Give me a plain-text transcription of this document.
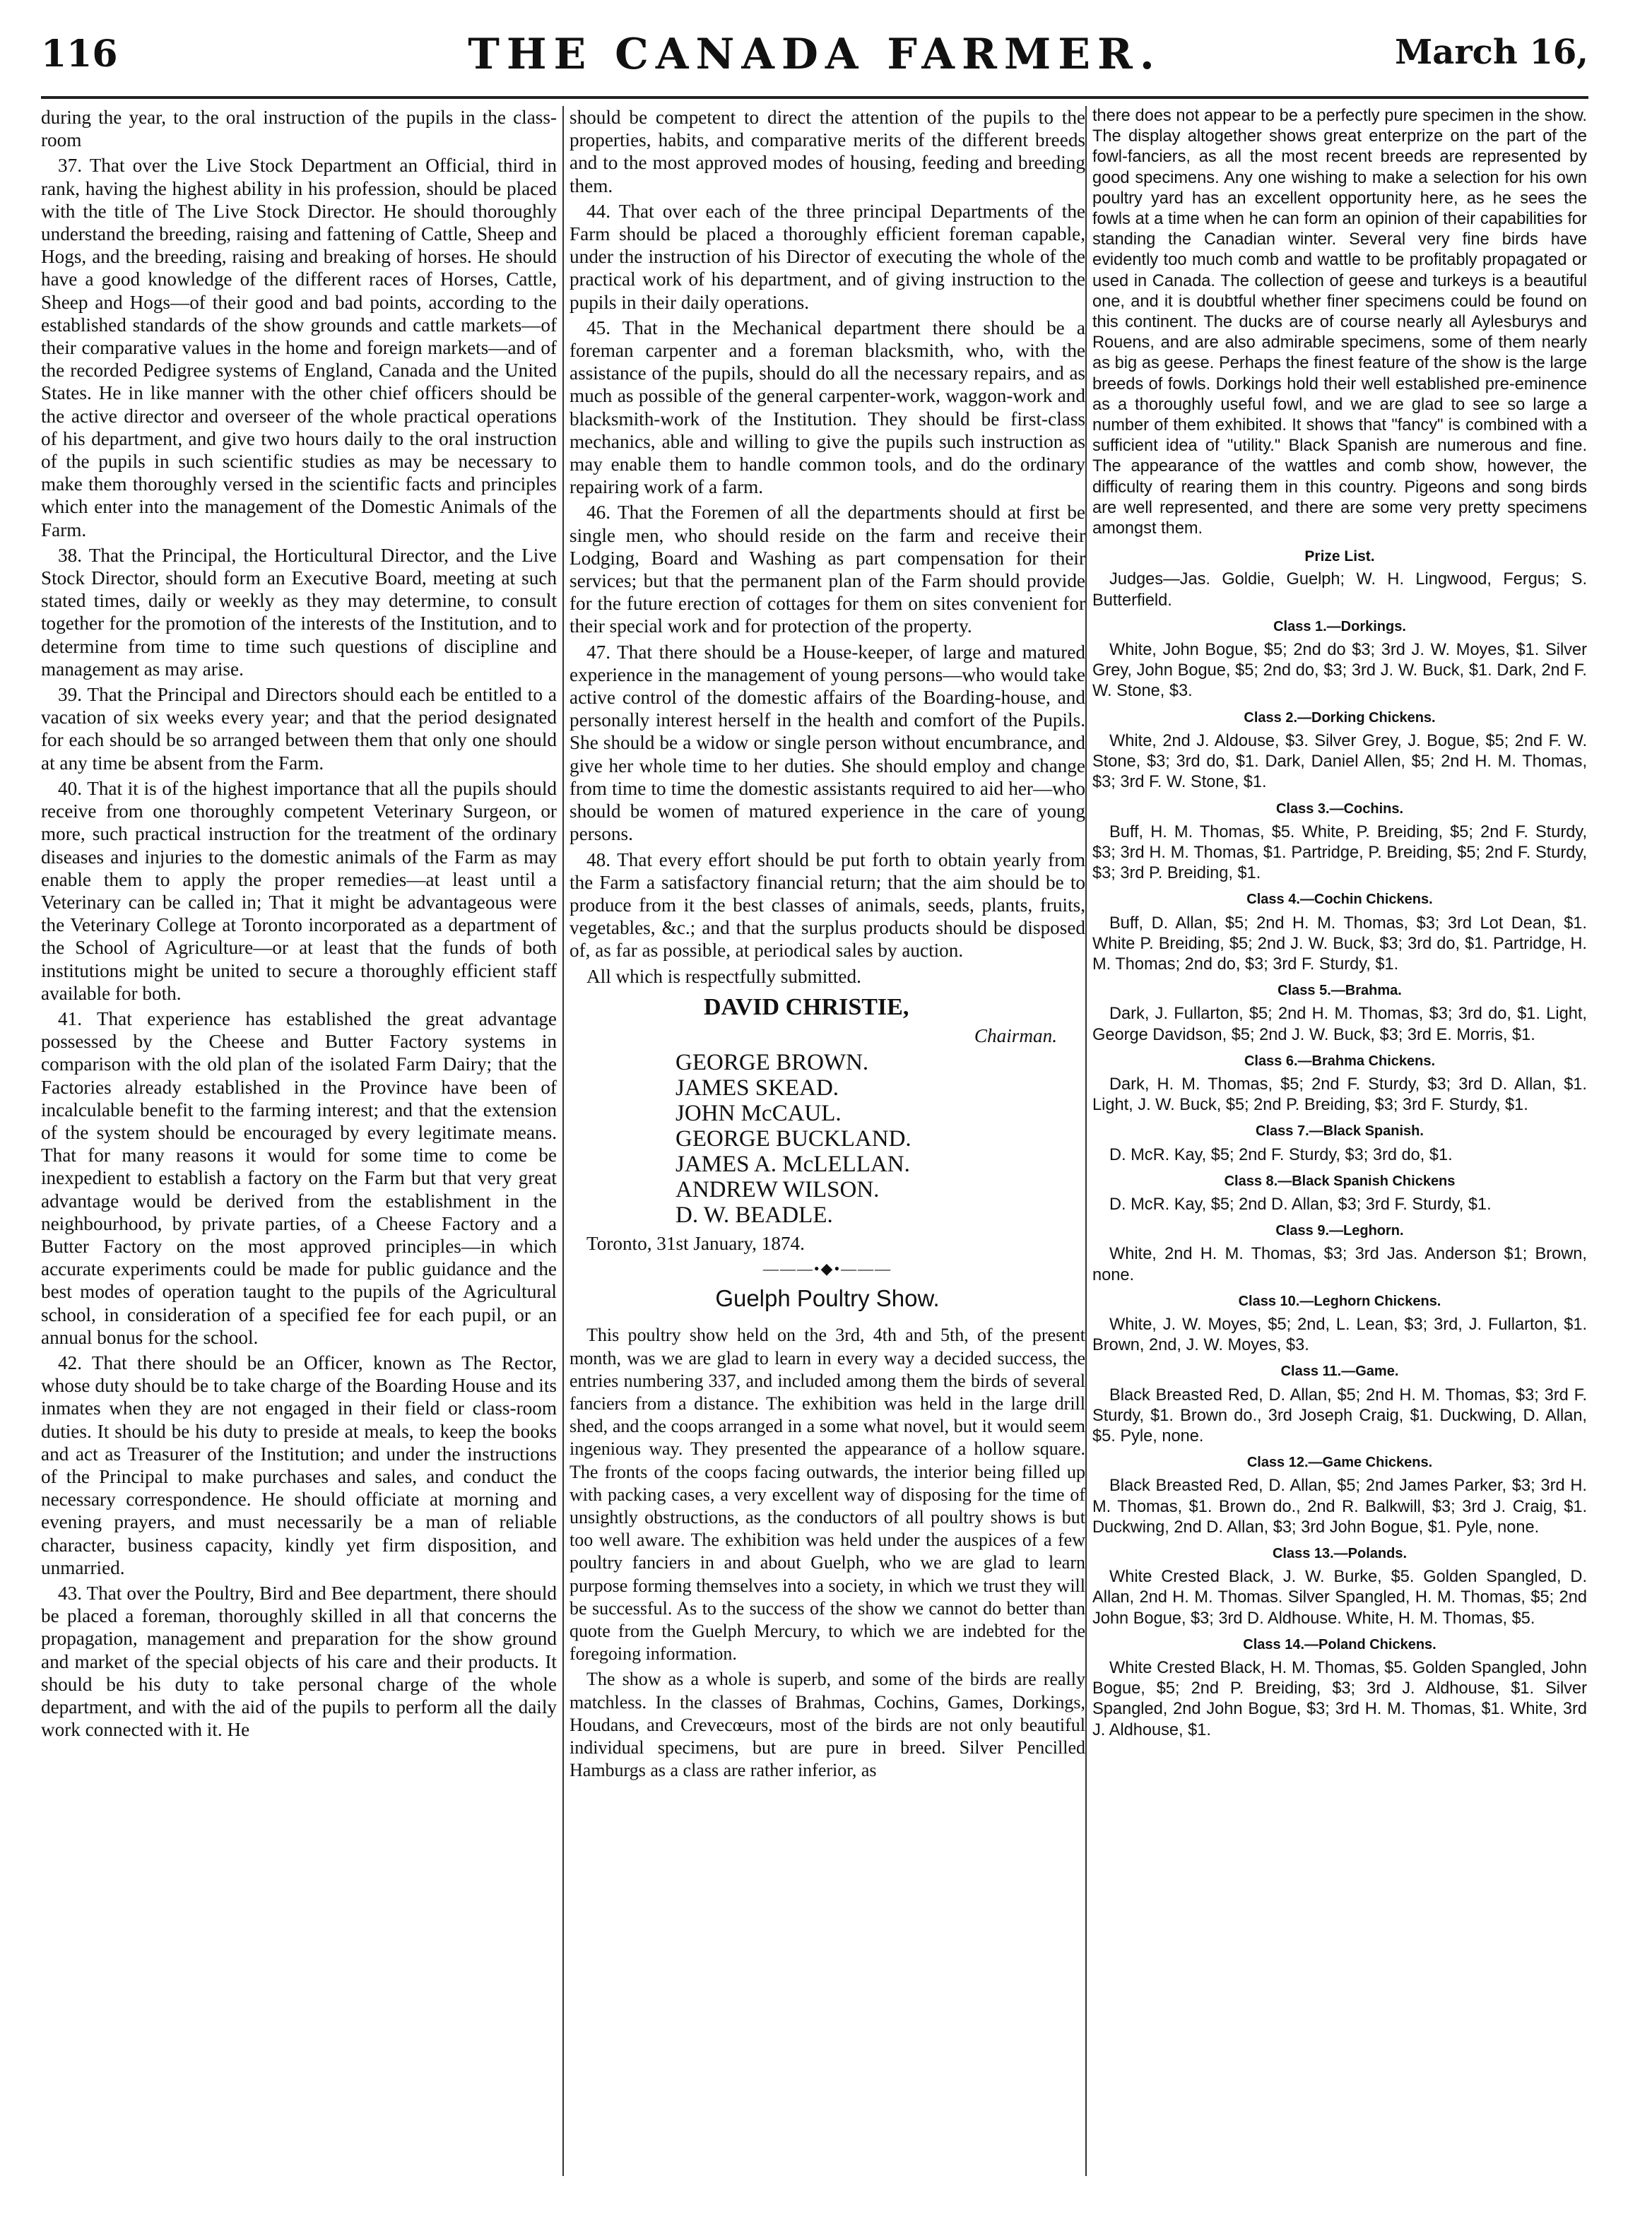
116	THE CANADA FARMER.	March 16,

during the year, to the oral instruction of the pupils in the class-room

37. That over the Live Stock Department an Official, third in rank, having the highest ability in his profession, should be placed with the title of The Live Stock Director. He should thoroughly understand the breeding, raising and fattening of Cattle, Sheep and Hogs, and the breeding, raising and breaking of horses. He should have a good knowledge of the different races of Horses, Cattle, Sheep and Hogs—of their good and bad points, according to the established standards of the show grounds and cattle markets—of their comparative values in the home and foreign markets—and of the recorded Pedigree systems of England, Canada and the United States. He in like manner with the other chief officers should be the active director and overseer of the whole practical operations of his department, and give two hours daily to the oral instruction of the pupils in such scientific studies as may be necessary to make them thoroughly versed in the scientific facts and principles which enter into the management of the Domestic Animals of the Farm.

38. That the Principal, the Horticultural Director, and the Live Stock Director, should form an Executive Board, meeting at such stated times, daily or weekly as they may determine, to consult together for the promotion of the interests of the Institution, and to determine from time to time such questions of discipline and management as may arise.

39. That the Principal and Directors should each be entitled to a vacation of six weeks every year; and that the period designated for each should be so arranged between them that only one should at any time be absent from the Farm.

40. That it is of the highest importance that all the pupils should receive from one thoroughly competent Veterinary Surgeon, or more, such practical instruction for the treatment of the ordinary diseases and injuries to the domestic animals of the Farm as may enable them to apply the proper remedies—at least until a Veterinary can be called in; That it might be advantageous were the Veterinary College at Toronto incorporated as a department of the School of Agriculture—or at least that the funds of both institutions might be united to secure a thoroughly efficient staff available for both.

41. That experience has established the great advantage possessed by the Cheese and Butter Factory systems in comparison with the old plan of the isolated Farm Dairy; that the Factories already established in the Province have been of incalculable benefit to the farming interest; and that the extension of the system should be encouraged by every legitimate means. That for many reasons it would for some time to come be inexpedient to establish a factory on the Farm but that very great advantage would be derived from the establishment in the neighbourhood, by private parties, of a Cheese Factory and a Butter Factory on the most approved principles—in which accurate experiments could be made for public guidance and the best modes of operation taught to the pupils of the Agricultural school, in consideration of a specified fee for each pupil, or an annual bonus for the school.

42. That there should be an Officer, known as The Rector, whose duty should be to take charge of the Boarding House and its inmates when they are not engaged in their field or class-room duties. It should be his duty to preside at meals, to keep the books and act as Treasurer of the Institution; and under the instructions of the Principal to make purchases and sales, and conduct the necessary correspondence. He should officiate at morning and evening prayers, and must necessarily be a man of reliable character, business capacity, kindly yet firm disposition, and unmarried.

43. That over the Poultry, Bird and Bee department, there should be placed a foreman, thoroughly skilled in all that concerns the propagation, management and preparation for the show ground and market of the special objects of his care and their products. It should be his duty to take personal charge of the whole department, and with the aid of the pupils to perform all the daily work connected with it. He

should be competent to direct the attention of the pupils to the properties, habits, and comparative merits of the different breeds and to the most approved modes of housing, feeding and breeding them.

44. That over each of the three principal Departments of the Farm should be placed a thoroughly efficient foreman capable, under the instruction of his Director of executing the whole of the practical work of his department, and of giving instruction to the pupils in their daily operations.

45. That in the Mechanical department there should be a foreman carpenter and a foreman blacksmith, who, with the assistance of the pupils, should do all the necessary repairs, and as much as possible of the general carpenter-work, waggon-work and blacksmith-work of the Institution. They should be first-class mechanics, able and willing to give the pupils such instruction as may enable them to handle common tools, and do the ordinary repairing work of a farm.

46. That the Foremen of all the departments should at first be single men, who should reside on the farm and receive their Lodging, Board and Washing as part compensation for their services; but that the permanent plan of the Farm should provide for the future erection of cottages for them on sites convenient for their special work and for protection of the property.

47. That there should be a House-keeper, of large and matured experience in the management of young persons—who would take active control of the domestic affairs of the Boarding-house, and personally interest herself in the health and comfort of the Pupils. She should be a widow or single person without encumbrance, and give her whole time to her duties. She should employ and change from time to time the domestic assistants required to aid her—who should be women of matured experience in the care of young persons.

48. That every effort should be put forth to obtain yearly from the Farm a satisfactory financial return; that the aim should be to produce from it the best classes of animals, seeds, plants, fruits, vegetables, &c.; and that the surplus products should be disposed of, as far as possible, at periodical sales by auction.

All which is respectfully submitted.

DAVID CHRISTIE,

Chairman.

GEORGE BROWN.

JAMES SKEAD.

JOHN McCAUL.

GEORGE BUCKLAND.

JAMES A. McLELLAN.

ANDREW WILSON.

D. W. BEADLE.

Toronto, 31st January, 1874.

———•◆•———

Guelph Poultry Show.

This poultry show held on the 3rd, 4th and 5th, of the present month, was we are glad to learn in every way a decided success, the entries numbering 337, and included among them the birds of several fanciers from a distance. The exhibition was held in the large drill shed, and the coops arranged in a some what novel, but it would seem ingenious way. They presented the appearance of a hollow square. The fronts of the coops facing outwards, the interior being filled up with packing cases, a very excellent way of disposing for the time of unsightly obstructions, as the conductors of all poultry shows is but too well aware. The exhibition was held under the auspices of a few poultry fanciers in and about Guelph, who we are glad to learn purpose forming themselves into a society, in which we trust they will be successful. As to the success of the show we cannot do better than quote from the Guelph Mercury, to which we are indebted for the foregoing information.

The show as a whole is superb, and some of the birds are really matchless. In the classes of Brahmas, Cochins, Games, Dorkings, Houdans, and Crevecœurs, most of the birds are not only beautiful individual specimens, but are pure in breed. Silver Pencilled Hamburgs as a class are rather inferior, as

there does not appear to be a perfectly pure specimen in the show. The display altogether shows great enterprize on the part of the fowl-fanciers, as all the most recent breeds are represented by good specimens. Any one wishing to make a selection for his own poultry yard has an excellent opportunity here, as he sees the fowls at a time when he can form an opinion of their capabilities for standing the Canadian winter. Several very fine birds have evidently too much comb and wattle to be profitably propagated or used in Canada. The collection of geese and turkeys is a beautiful one, and it is doubtful whether finer specimens could be found on this continent. The ducks are of course nearly all Aylesburys and Rouens, and are also admirable specimens, some of them nearly as big as geese. Perhaps the finest feature of the show is the large breeds of fowls. Dorkings hold their well established pre-eminence as a thoroughly useful fowl, and we are glad to see so large a number of them exhibited. It shows that "fancy" is combined with a sufficient idea of "utility." Black Spanish are numerous and fine. The appearance of the wattles and comb show, however, the difficulty of rearing them in this country. Pigeons and song birds are well represented, and there are some very pretty specimens amongst them.

Prize List.

Judges—Jas. Goldie, Guelph; W. H. Lingwood, Fergus; S. Butterfield.

Class 1.—Dorkings.

White, John Bogue, $5; 2nd do $3; 3rd J. W. Moyes, $1. Silver Grey, John Bogue, $5; 2nd do, $3; 3rd J. W. Buck, $1. Dark, 2nd F. W. Stone, $3.

Class 2.—Dorking Chickens.

White, 2nd J. Aldouse, $3. Silver Grey, J. Bogue, $5; 2nd F. W. Stone, $3; 3rd do, $1. Dark, Daniel Allen, $5; 2nd H. M. Thomas, $3; 3rd F. W. Stone, $1.

Class 3.—Cochins.

Buff, H. M. Thomas, $5. White, P. Breiding, $5; 2nd F. Sturdy, $3; 3rd H. M. Thomas, $1. Partridge, P. Breiding, $5; 2nd F. Sturdy, $3; 3rd P. Breiding, $1.

Class 4.—Cochin Chickens.

Buff, D. Allan, $5; 2nd H. M. Thomas, $3; 3rd Lot Dean, $1. White P. Breiding, $5; 2nd J. W. Buck, $3; 3rd do, $1. Partridge, H. M. Thomas; 2nd do, $3; 3rd F. Sturdy, $1.

Class 5.—Brahma.

Dark, J. Fullarton, $5; 2nd H. M. Thomas, $3; 3rd do, $1. Light, George Davidson, $5; 2nd J. W. Buck, $3; 3rd E. Morris, $1.

Class 6.—Brahma Chickens.

Dark, H. M. Thomas, $5; 2nd F. Sturdy, $3; 3rd D. Allan, $1. Light, J. W. Buck, $5; 2nd P. Breiding, $3; 3rd F. Sturdy, $1.

Class 7.—Black Spanish.

D. McR. Kay, $5; 2nd F. Sturdy, $3; 3rd do, $1.

Class 8.—Black Spanish Chickens

D. McR. Kay, $5; 2nd D. Allan, $3; 3rd F. Sturdy, $1.

Class 9.—Leghorn.

White, 2nd H. M. Thomas, $3; 3rd Jas. Anderson $1; Brown, none.

Class 10.—Leghorn Chickens.

White, J. W. Moyes, $5; 2nd, L. Lean, $3; 3rd, J. Fullarton, $1. Brown, 2nd, J. W. Moyes, $3.

Class 11.—Game.

Black Breasted Red, D. Allan, $5; 2nd H. M. Thomas, $3; 3rd F. Sturdy, $1. Brown do., 3rd Joseph Craig, $1. Duckwing, D. Allan, $5. Pyle, none.

Class 12.—Game Chickens.

Black Breasted Red, D. Allan, $5; 2nd James Parker, $3; 3rd H. M. Thomas, $1. Brown do., 2nd R. Balkwill, $3; 3rd J. Craig, $1. Duckwing, 2nd D. Allan, $3; 3rd John Bogue, $1. Pyle, none.

Class 13.—Polands.

White Crested Black, J. W. Burke, $5. Golden Spangled, D. Allan, 2nd H. M. Thomas. Silver Spangled, H. M. Thomas, $5; 2nd John Bogue, $3; 3rd D. Aldhouse. White, H. M. Thomas, $5.

Class 14.—Poland Chickens.

White Crested Black, H. M. Thomas, $5. Golden Spangled, John Bogue, $5; 2nd P. Breiding, $3; 3rd J. Aldhouse, $1. Silver Spangled, 2nd John Bogue, $3; 3rd H. M. Thomas, $1. White, 3rd J. Aldhouse, $1.
